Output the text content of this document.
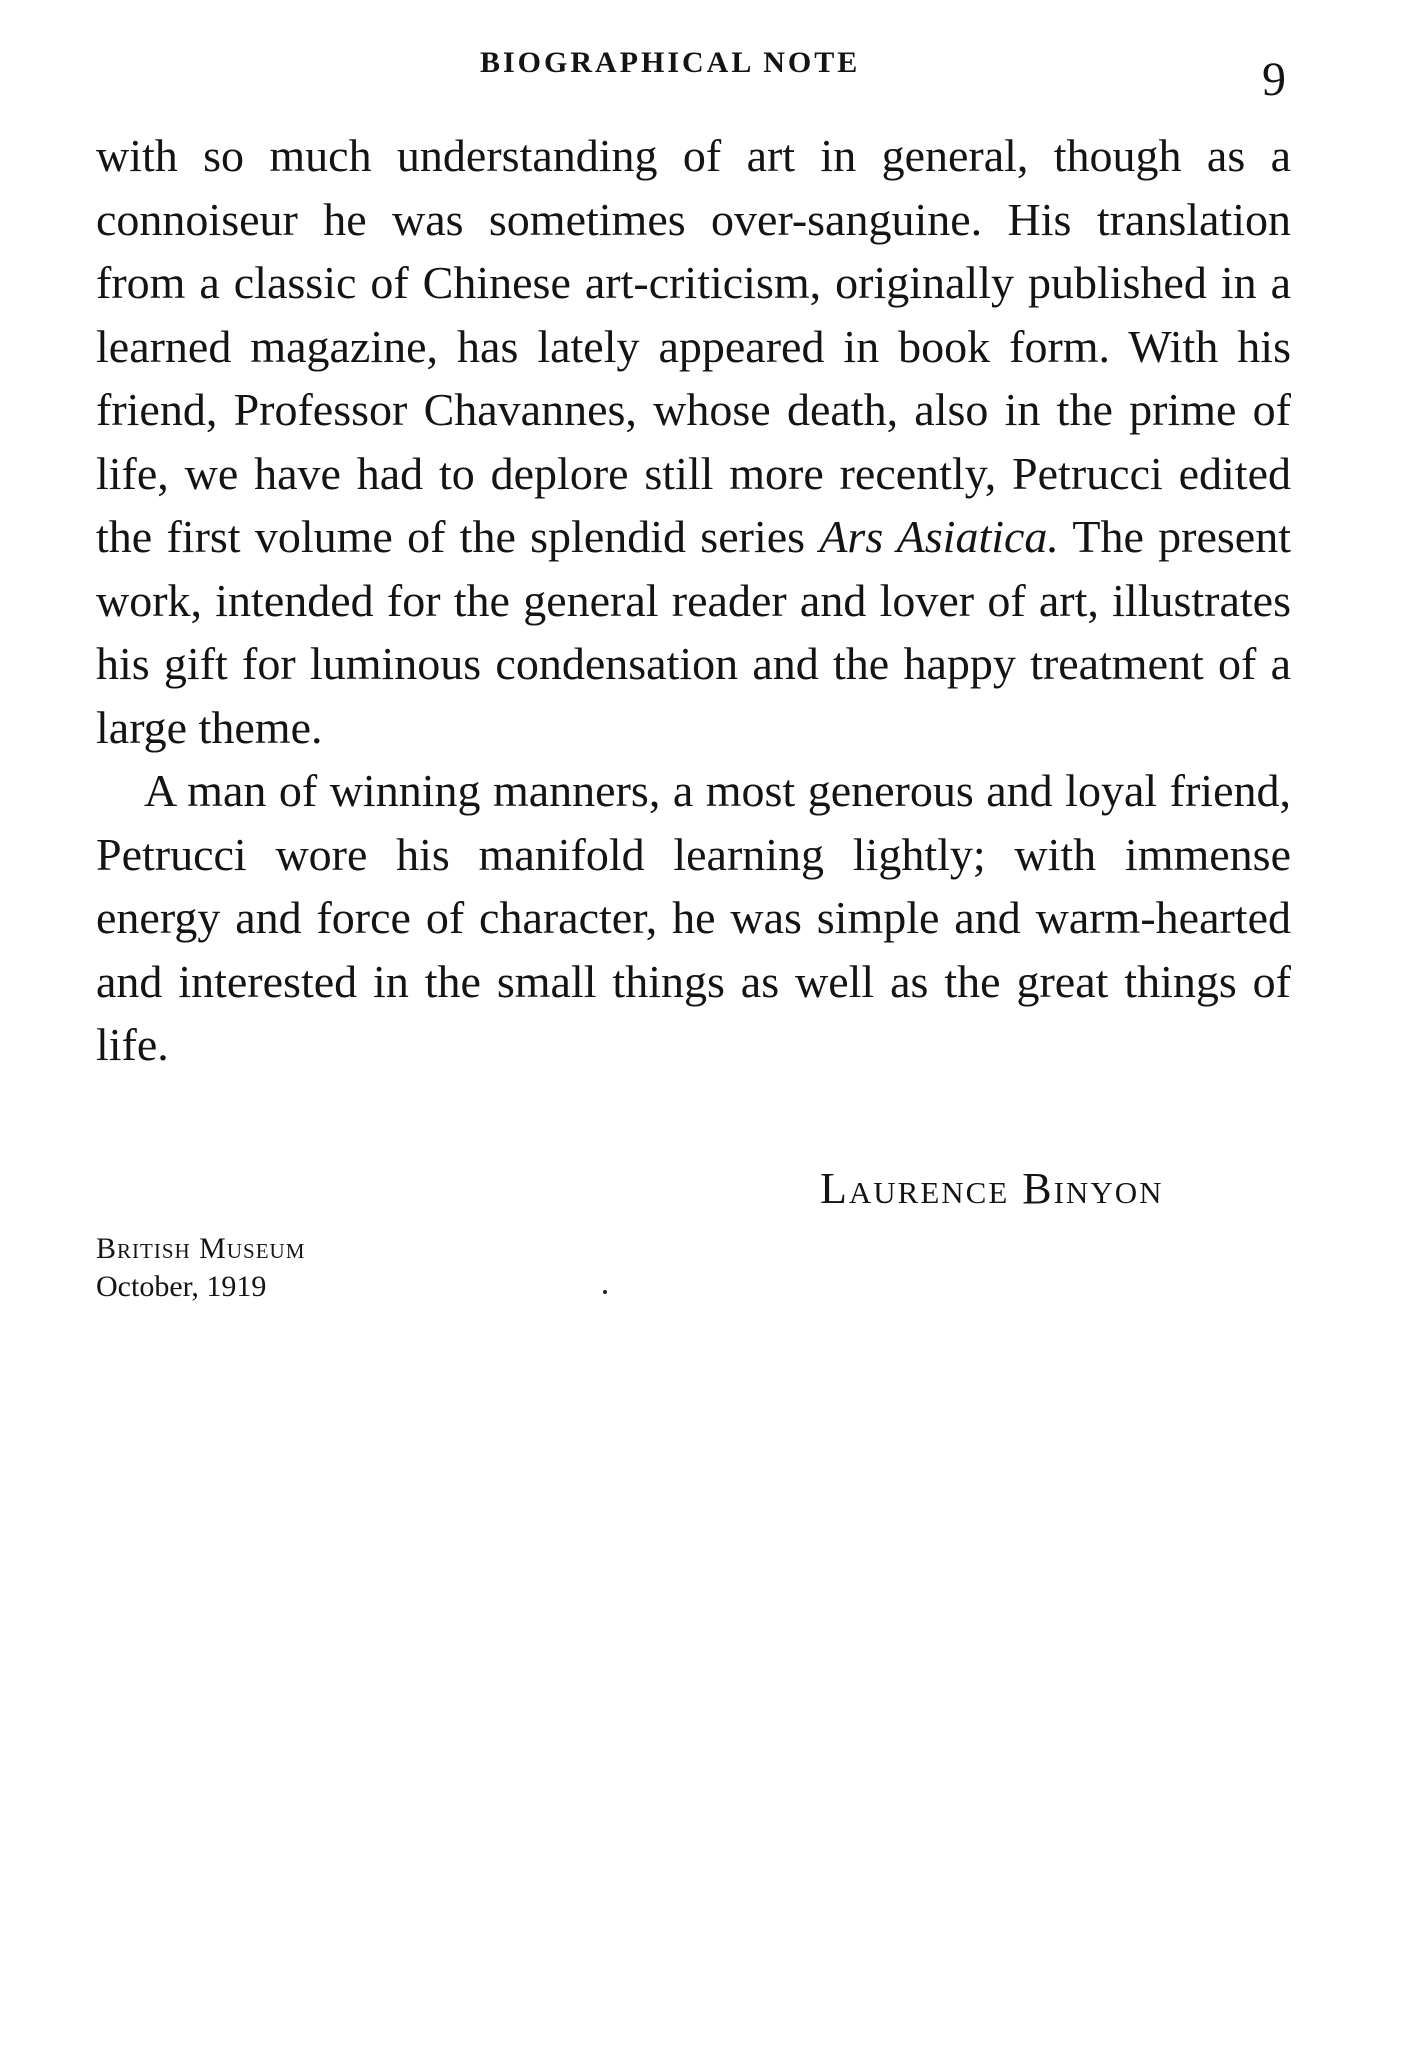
BIOGRAPHICAL NOTE	9

with so much understanding of art in general, though as a connoiseur he was sometimes over-sanguine. His translation from a classic of Chinese art-criticism, originally published in a learned magazine, has lately appeared in book form. With his friend, Professor Chavannes, whose death, also in the prime of life, we have had to deplore still more recently, Petrucci edited the first volume of the splendid series Ars Asiatica. The present work, intended for the general reader and lover of art, illustrates his gift for luminous condensation and the happy treatment of a large theme.

A man of winning manners, a most generous and loyal friend, Petrucci wore his manifold learning lightly; with immense energy and force of character, he was simple and warm-hearted and interested in the small things as well as the great things of life.

Laurence Binyon
British Museum
October, 1919
